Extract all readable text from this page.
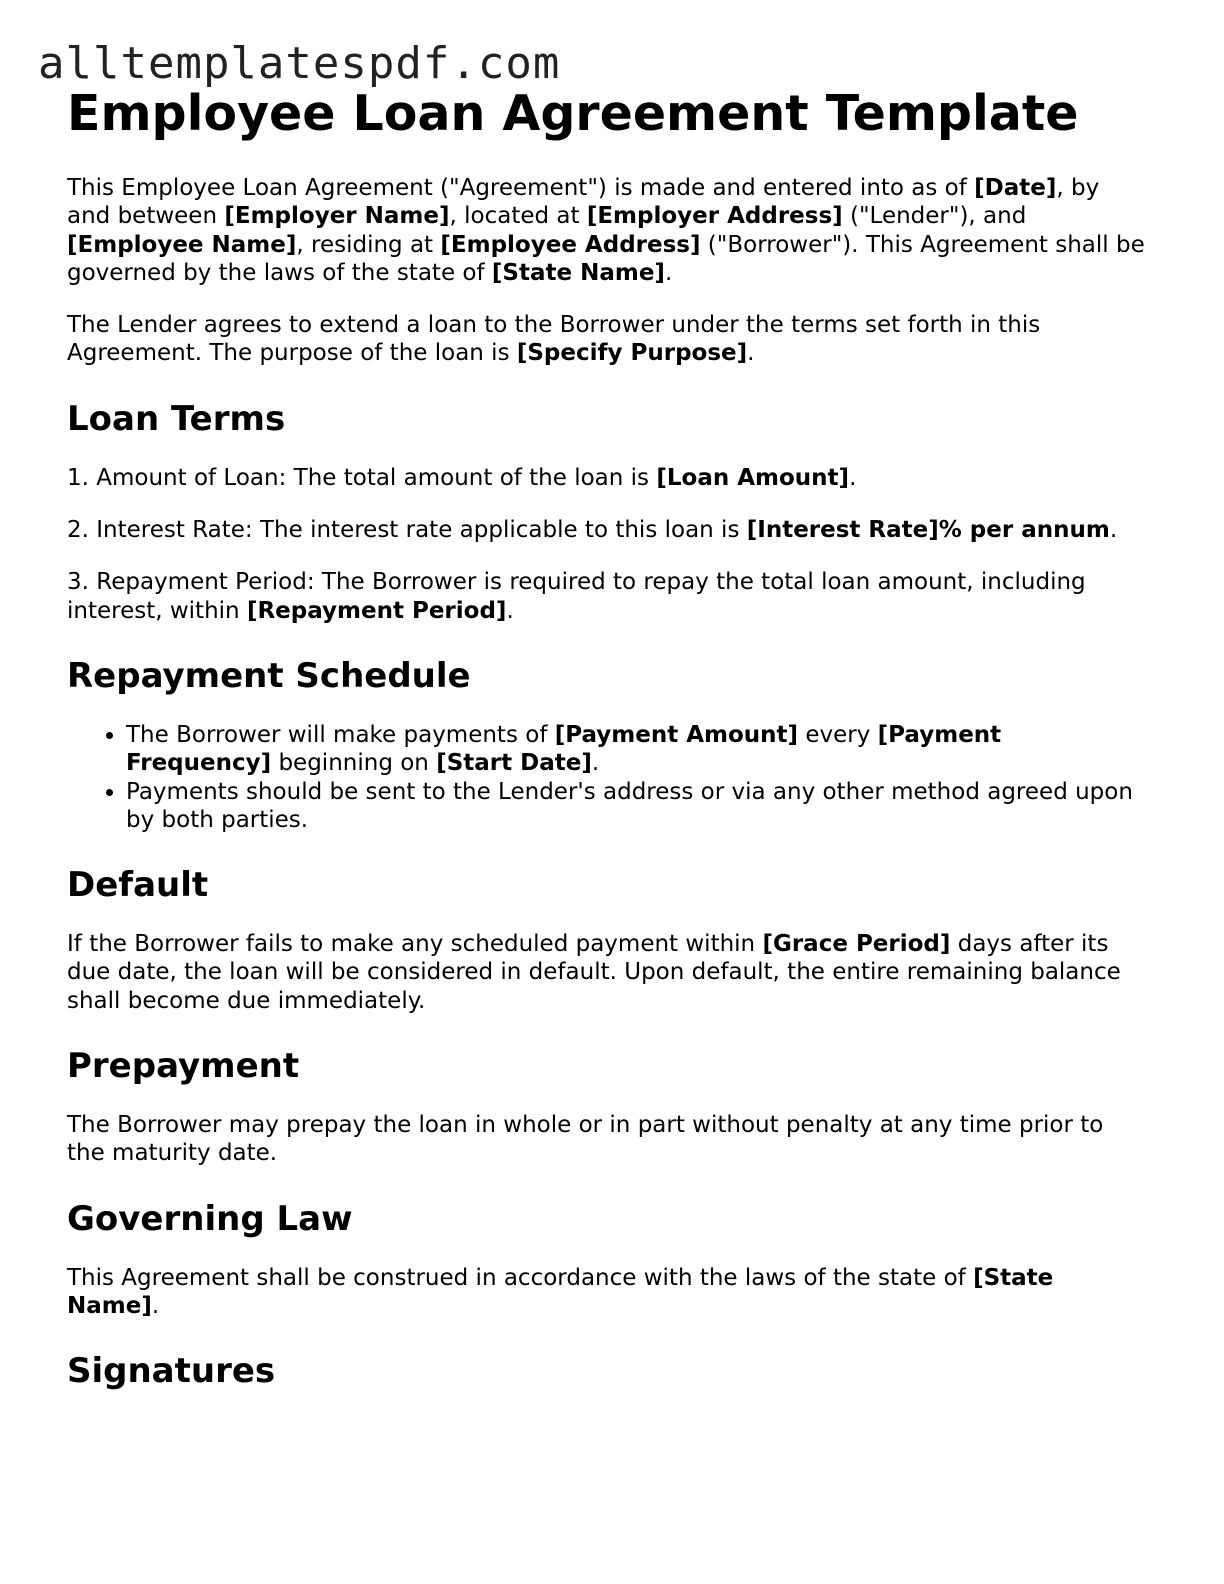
alltemplatespdf.com
Employee Loan Agreement Template

This Employee Loan Agreement ("Agreement") is made and entered into as of [Date], by and between [Employer Name], located at [Employer Address] ("Lender"), and [Employee Name], residing at [Employee Address] ("Borrower"). This Agreement shall be governed by the laws of the state of [State Name].

The Lender agrees to extend a loan to the Borrower under the terms set forth in this Agreement. The purpose of the loan is [Specify Purpose].

Loan Terms

1. Amount of Loan: The total amount of the loan is [Loan Amount].

2. Interest Rate: The interest rate applicable to this loan is [Interest Rate]% per annum.

3. Repayment Period: The Borrower is required to repay the total loan amount, including interest, within [Repayment Period].

Repayment Schedule
• The Borrower will make payments of [Payment Amount] every [Payment Frequency] beginning on [Start Date].
• Payments should be sent to the Lender's address or via any other method agreed upon by both parties.
Default

If the Borrower fails to make any scheduled payment within [Grace Period] days after its due date, the loan will be considered in default. Upon default, the entire remaining balance shall become due immediately.

Prepayment

The Borrower may prepay the loan in whole or in part without penalty at any time prior to the maturity date.

Governing Law

This Agreement shall be construed in accordance with the laws of the state of [State Name].

Signatures
